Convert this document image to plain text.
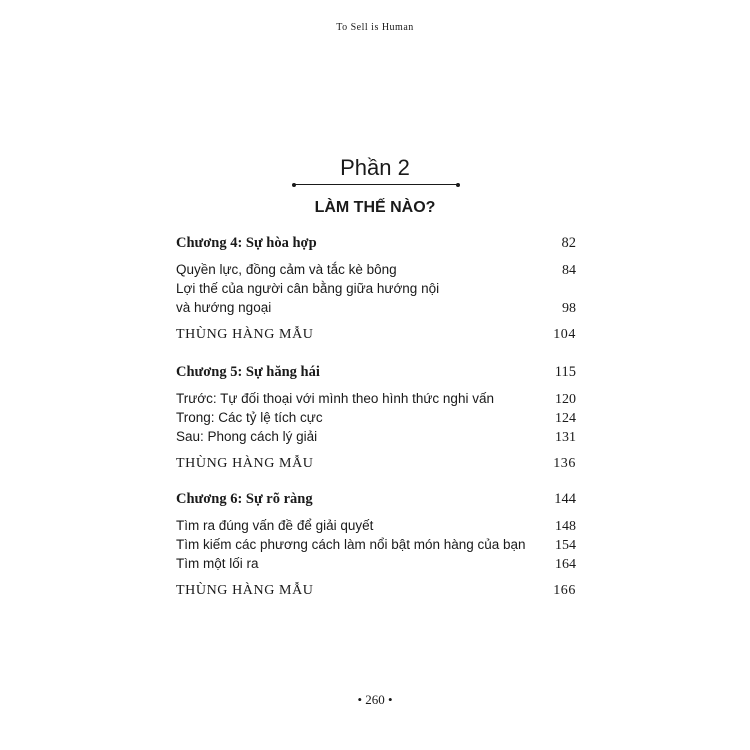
To Sell is Human
Phần 2
LÀM THẾ NÀO?
Chương 4: Sự hòa hợp	82
Quyền lực, đồng cảm và tắc kè bông	84
Lợi thế của người cân bằng giữa hướng nội
và hướng ngoại	98
THÙNG HÀNG MẪU	104
Chương 5: Sự hăng hái	115
Trước: Tự đối thoại với mình theo hình thức nghi vấn	120
Trong: Các tỷ lệ tích cực	124
Sau: Phong cách lý giải	131
THÙNG HÀNG MẪU	136
Chương 6: Sự rõ ràng	144
Tìm ra đúng vấn đề để giải quyết	148
Tìm kiếm các phương cách làm nổi bật món hàng của bạn 154
Tìm một lối ra	164
THÙNG HÀNG MẪU	166
• 260 •
